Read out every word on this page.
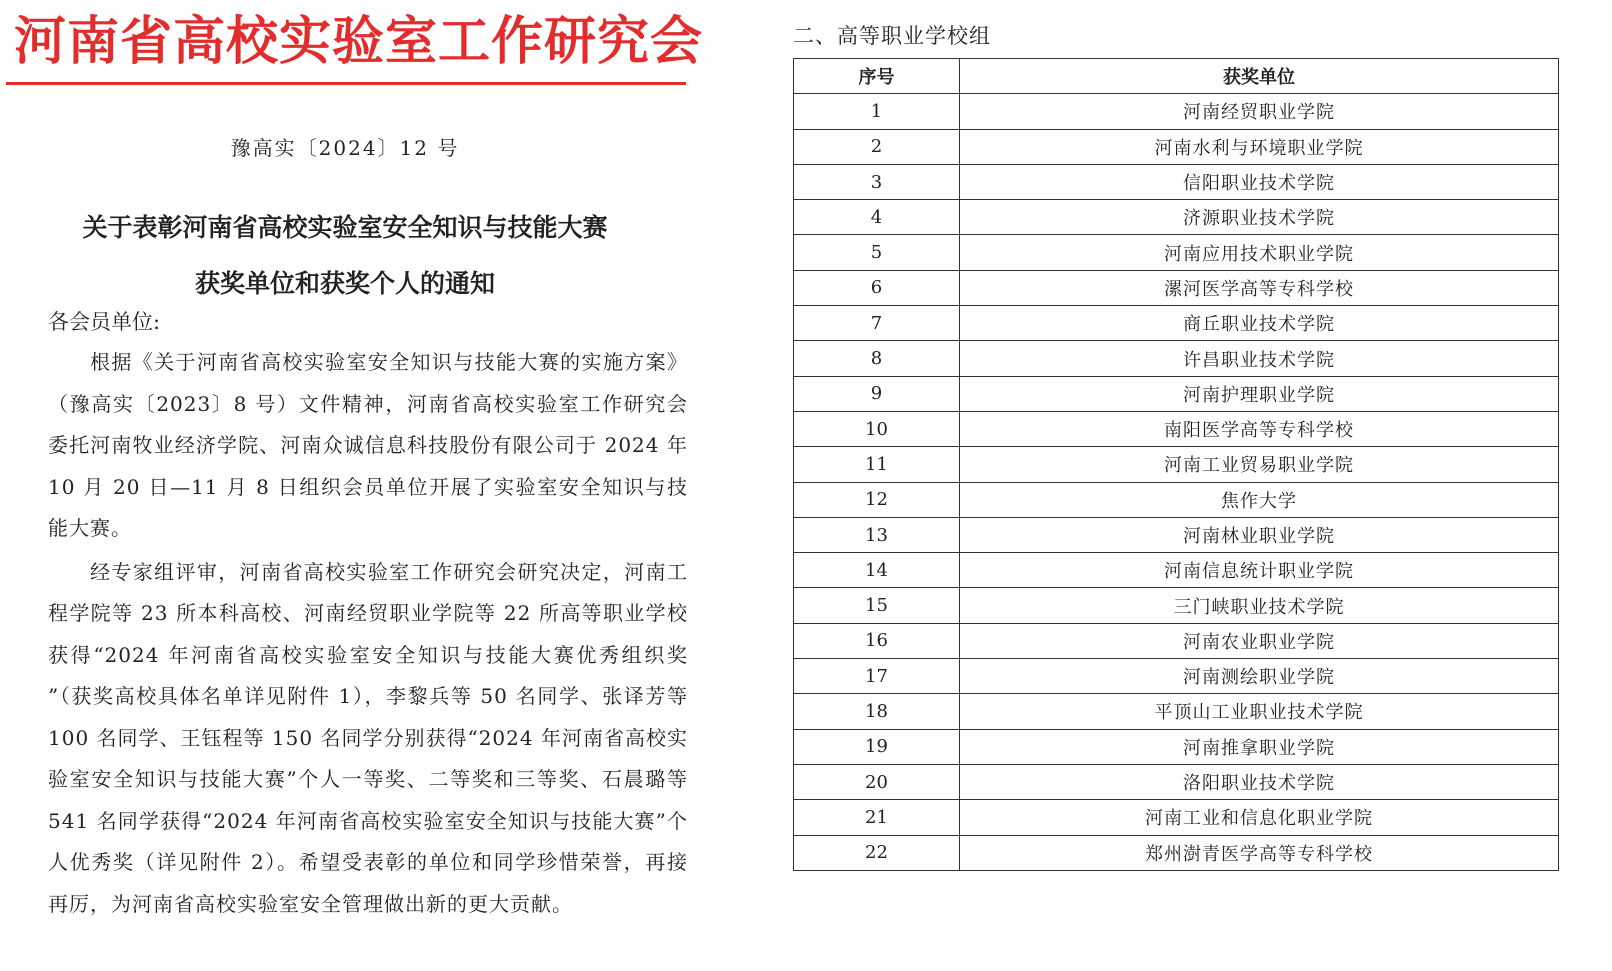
河南省高校实验室工作研究会
豫高实〔2024〕12 号
关于表彰河南省高校实验室安全知识与技能大赛
获奖单位和获奖个人的通知
各会员单位:

根据《关于河南省高校实验室安全知识与技能大赛的实施方案》（豫高实〔2023〕8 号）文件精神，河南省高校实验室工作研究会委托河南牧业经济学院、河南众诚信息科技股份有限公司于 2024 年 10 月 20 日—11 月 8 日组织会员单位开展了实验室安全知识与技能大赛。

经专家组评审，河南省高校实验室工作研究会研究决定，河南工程学院等 23 所本科高校、河南经贸职业学院等 22 所高等职业学校获得“2024 年河南省高校实验室安全知识与技能大赛优秀组织奖 ”（获奖高校具体名单详见附件 1），李黎兵等 50 名同学、张译芳等 100 名同学、王钰程等 150 名同学分别获得“2024 年河南省高校实验室安全知识与技能大赛”个人一等奖、二等奖和三等奖、石晨璐等 541 名同学获得“2024 年河南省高校实验室安全知识与技能大赛”个人优秀奖（详见附件 2）。希望受表彰的单位和同学珍惜荣誉，再接再厉，为河南省高校实验室安全管理做出新的更大贡献。

二、高等职业学校组
序号	获奖单位
1	河南经贸职业学院
2	河南水利与环境职业学院
3	信阳职业技术学院
4	济源职业技术学院
5	河南应用技术职业学院
6	漯河医学高等专科学校
7	商丘职业技术学院
8	许昌职业技术学院
9	河南护理职业学院
10	南阳医学高等专科学校
11	河南工业贸易职业学院
12	焦作大学
13	河南林业职业学院
14	河南信息统计职业学院
15	三门峡职业技术学院
16	河南农业职业学院
17	河南测绘职业学院
18	平顶山工业职业技术学院
19	河南推拿职业学院
20	洛阳职业技术学院
21	河南工业和信息化职业学院
22	郑州澍青医学高等专科学校
